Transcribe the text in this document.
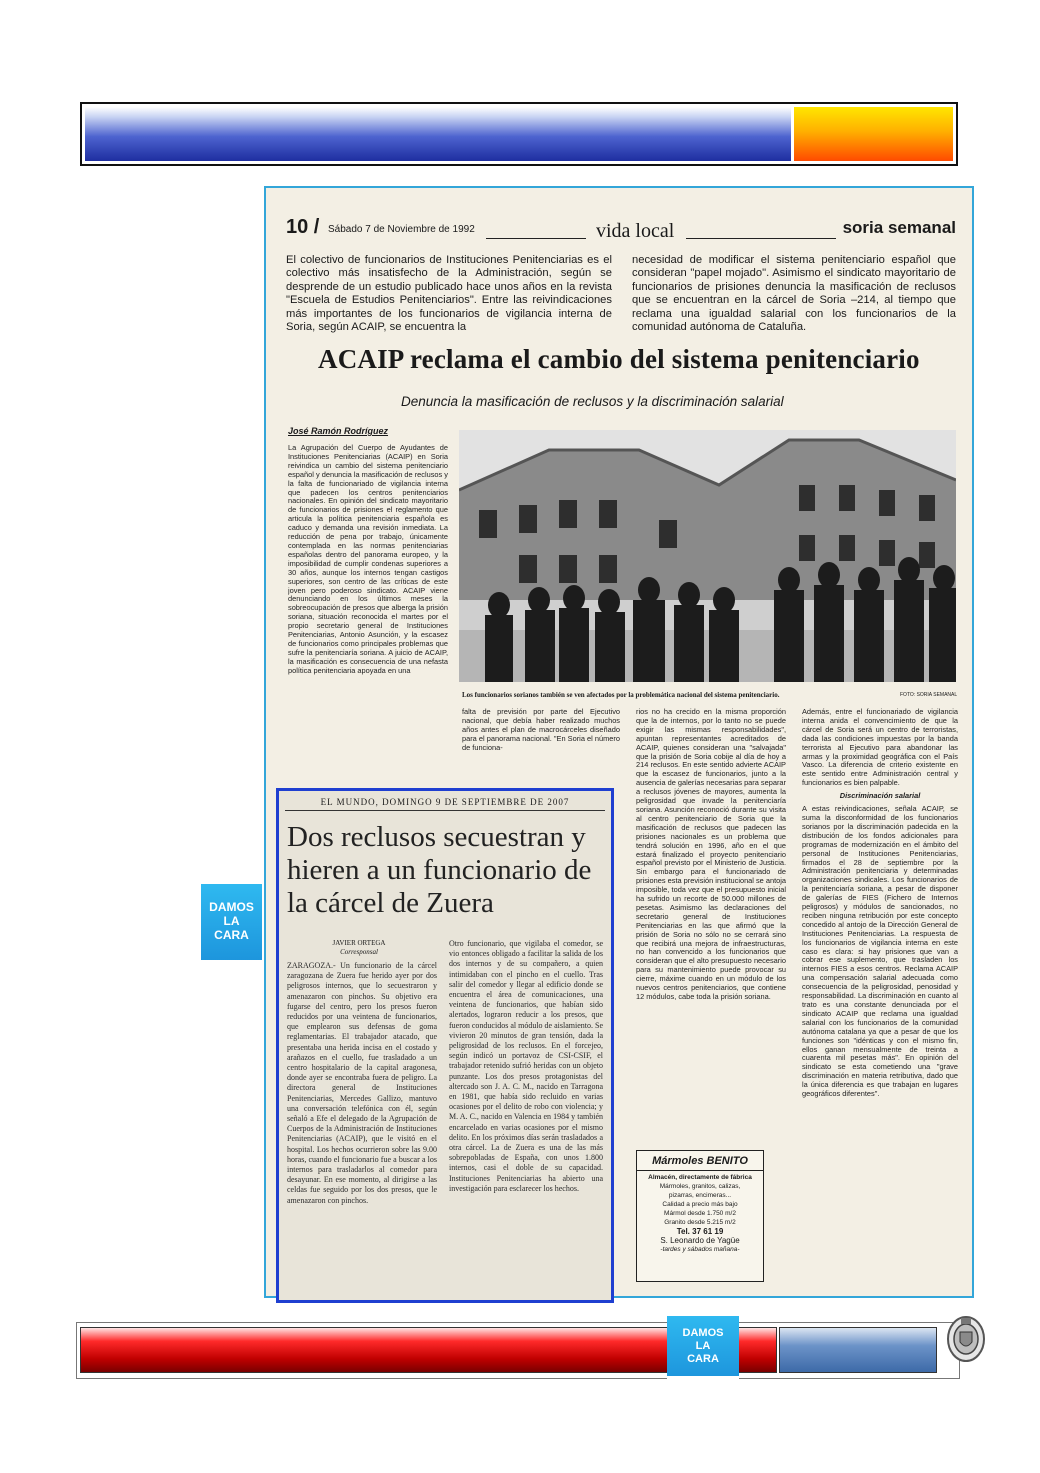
10 / Sábado 7 de Noviembre de 1992	vida local	soria semanal
El colectivo de funcionarios de Instituciones Penitenciarias es el colectivo más insatisfecho de la Administración, según se desprende de un estudio publicado hace unos años en la revista "Escuela de Estudios Penitenciarios". Entre las reivindicaciones más importantes de los funcionarios de vigilancia interna de Soria, según ACAIP, se encuentra la
necesidad de modificar el sistema penitenciario español que consideran "papel mojado". Asimismo el sindicato mayoritario de funcionarios de prisiones denuncia la masificación de reclusos que se encuentran en la cárcel de Soria –214, al tiempo que reclama una igualdad salarial con los funcionarios de la comunidad autónoma de Cataluña.
ACAIP reclama el cambio del sistema penitenciario
Denuncia la masificación de reclusos y la discriminación salarial
José Ramón Rodríguez
La Agrupación del Cuerpo de Ayudantes de Instituciones Penitenciarias (ACAIP) en Soria reivindica un cambio del sistema penitenciario español y denuncia la masificación de reclusos y la falta de funcionariado de vigilancia interna que padecen los centros penitenciarios nacionales. En opinión del sindicato mayoritario de funcionarios de prisiones el reglamento que articula la política penitenciaria española es caduco y demanda una revisión inmediata. La reducción de pena por trabajo, únicamente contemplada en las normas penitenciarias españolas dentro del panorama europeo, y la imposibilidad de cumplir condenas superiores a 30 años, aunque los internos tengan castigos superiores, son centro de las críticas de este joven pero poderoso sindicato. ACAIP viene denunciando en los últimos meses la sobreocupación de presos que alberga la prisión soriana, situación reconocida el martes por el propio secretario general de Instituciones Penitenciarias, Antonio Asunción, y la escasez de funcionarios como principales problemas que sufre la penitenciaría soriana. A juicio de ACAIP, la masificación es consecuencia de una nefasta política penitenciaria apoyada en una
Los funcionarios sorianos también se ven afectados por la problemática nacional del sistema penitenciario.	FOTO: SORIA SEMANAL
falta de previsión por parte del Ejecutivo nacional, que debía haber realizado muchos años antes el plan de macrocárceles diseñado para el panorama nacional. "En Soria el número de funciona-
rios no ha crecido en la misma proporción que la de internos, por lo tanto no se puede exigir las mismas responsabilidades", apuntan representantes acreditados de ACAIP, quienes consideran una "salvajada" que la prisión de Soria cobije al día de hoy a 214 reclusos. En este sentido advierte ACAIP que la escasez de funcionarios, junto a la ausencia de galerías necesarias para separar a reclusos jóvenes de mayores, aumenta la peligrosidad que invade la penitenciaría soriana. Asunción reconoció durante su visita al centro penitenciario de Soria que la masificación de reclusos que padecen las prisiones nacionales es un problema que tendrá solución en 1996, año en el que estará finalizado el proyecto penitenciario español previsto por el Ministerio de Justicia. Sin embargo para el funcionariado de prisiones esta previsión institucional se antoja imposible, toda vez que el presupuesto inicial ha sufrido un recorte de 50.000 millones de pesetas. Asimismo las declaraciones del secretario general de Instituciones Penitenciarias en las que afirmó que la prisión de Soria no sólo no se cerrará sino que recibirá una mejora de infraestructuras, no han convencido a los funcionarios que consideran que el alto presupuesto necesario para su mantenimiento puede provocar su cierre, máxime cuando en un módulo de los nuevos centros penitenciarios, que contiene 12 módulos, cabe toda la prisión soriana.
Además, entre el funcionariado de vigilancia interna anida el convencimiento de que la cárcel de Soria será un centro de terroristas, dada las condiciones impuestas por la banda terrorista al Ejecutivo para abandonar las armas y la proximidad geográfica con el País Vasco. La diferencia de criterio existente en este sentido entre Administración central y funcionarios es bien palpable.
Discriminación salarial
A estas reivindicaciones, señala ACAIP, se suma la disconformidad de los funcionarios sorianos por la discriminación padecida en la distribución de los fondos adicionales para programas de modernización en el ámbito del personal de Instituciones Penitenciarias, firmados el 28 de septiembre por la Administración penitenciaria y determinadas organizaciones sindicales. Los funcionarios de la penitenciaría soriana, a pesar de disponer de galerías de FIES (Fichero de Internos peligrosos) y módulos de sancionados, no reciben ninguna retribución por este concepto concedido al antojo de la Dirección General de Instituciones Penitenciarias. La respuesta de los funcionarios de vigilancia interna en este caso es clara: si hay prisiones que van a cobrar ese suplemento, que trasladen los internos FIES a esos centros. Reclama ACAIP una compensación salarial adecuada como consecuencia de la peligrosidad, penosidad y responsabilidad. La discriminación en cuanto al trato es una constante denunciada por el sindicato ACAIP que reclama una igualdad salarial con los funcionarios de la comunidad autónoma catalana ya que a pesar de que los funciones son "idénticas y con el mismo fin, ellos ganan mensualmente de treinta a cuarenta mil pesetas más". En opinión del sindicato se esta cometiendo una "grave discriminación en materia retributiva, dado que la única diferencia es que trabajan en lugares geográficos diferentes".
Mármoles BENITO
Almacén, directamente de fábrica
Mármoles, granitos, calizas,
pizarras, encimeras...
Calidad a precio más bajo
Mármol desde 1.750 m/2
Granito desde 5.215 m/2
Tel. 37 61 19
S. Leonardo de Yagüe
-tardes y sábados mañana-
EL MUNDO, DOMINGO 9 DE SEPTIEMBRE DE 2007
Dos reclusos secuestran y hieren a un funcionario de la cárcel de Zuera
JAVIER ORTEGA
Corresponsal
ZARAGOZA.- Un funcionario de la cárcel zaragozana de Zuera fue herido ayer por dos peligrosos internos, que lo secuestraron y amenazaron con pinchos. Su objetivo era fugarse del centro, pero los presos fueron reducidos por una veintena de funcionarios, que emplearon sus defensas de goma reglamentarias. El trabajador atacado, que presentaba una herida incisa en el costado y arañazos en el cuello, fue trasladado a un centro hospitalario de la capital aragonesa, donde ayer se encontraba fuera de peligro. La directora general de Instituciones Penitenciarias, Mercedes Gallizo, mantuvo una conversación telefónica con él, según señaló a Efe el delegado de la Agrupación de Cuerpos de la Administración de Instituciones Penitenciarias (ACAIP), que le visitó en el hospital. Los hechos ocurrieron sobre las 9.00 horas, cuando el funcionario fue a buscar a los internos para trasladarlos al comedor para desayunar. En ese momento, al dirigirse a las celdas fue seguido por los dos presos, que le amenazaron con pinchos.
Otro funcionario, que vigilaba el comedor, se vio entonces obligado a facilitar la salida de los dos internos y de su compañero, a quien intimidaban con el pincho en el cuello. Tras salir del comedor y llegar al edificio donde se encuentra el área de comunicaciones, una veintena de funcionarios, que habían sido alertados, lograron reducir a los presos, que fueron conducidos al módulo de aislamiento. Se vivieron 20 minutos de gran tensión, dada la peligrosidad de los reclusos. En el forcejeo, según indicó un portavoz de CSI-CSIF, el trabajador retenido sufrió heridas con un objeto punzante. Los dos presos protagonistas del altercado son J. A. C. M., nacido en Tarragona en 1981, que había sido recluido en varias ocasiones por el delito de robo con violencia; y M. A. C., nacido en Valencia en 1984 y también encarcelado en varias ocasiones por el mismo delito. En los próximos días serán trasladados a otra cárcel. La de Zuera es una de las más sobrepobladas de España, con unos 1.800 internos, casi el doble de su capacidad. Instituciones Penitenciarias ha abierto una investigación para esclarecer los hechos.
DAMOS
LA
CARA
DAMOS
LA
CARA
